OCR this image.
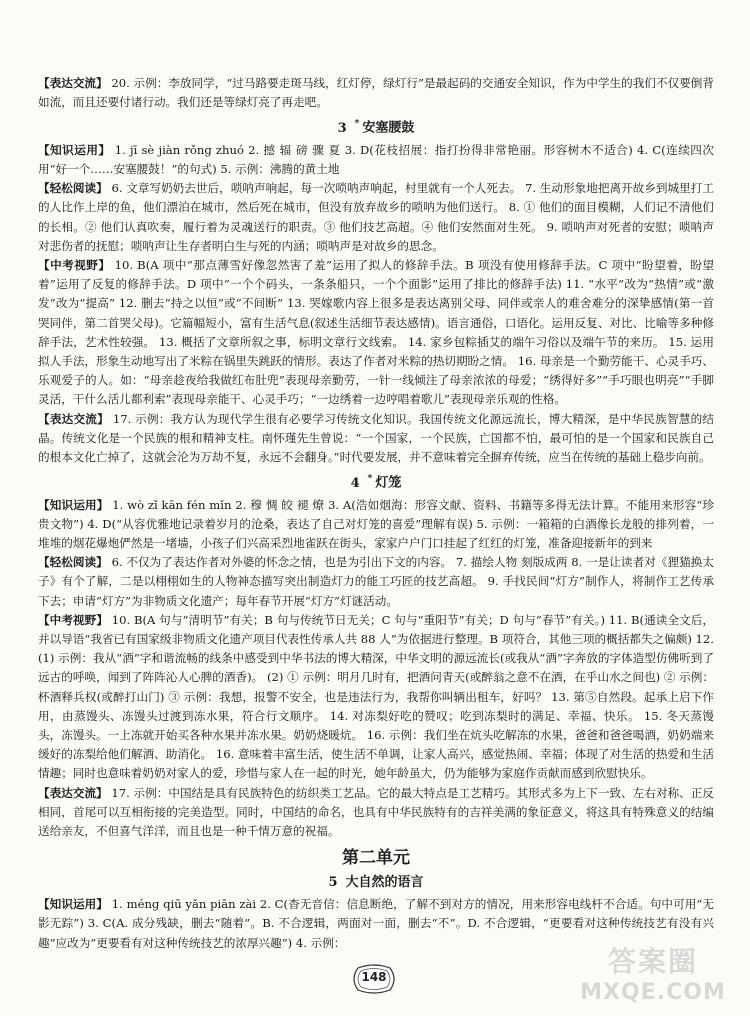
【表达交流】 20. 示例：李放同学，“过马路要走斑马线，红灯停，绿灯行”是最起码的交通安全知识，作为中学生的我们不仅要倒背如流，而且还要付诸行动。我们还是等绿灯亮了再走吧。

3 * 安塞腰鼓

【知识运用】 1. jī sè jiàn rǒng zhuó 2. 撼 辐 磅 骤 夏 3. D(花枝招展：指打扮得非常艳丽。形容树木不适合) 4. C(连续四次用“好一个……安塞腰鼓！”的句式) 5. 示例：沸腾的黄土地

【轻松阅读】 6. 文章写奶奶去世后，唢呐声响起，每一次唢呐声响起，村里就有一个人死去。 7. 生动形象地把离开故乡到城里打工的人比作上岸的鱼，他们漂泊在城市，然后死在城市，但没有放弃故乡的唢呐为他们送行。 8. ① 他们的面目模糊，人们记不清他们的长相。② 他们认真吹奏，履行着为灵魂送行的职责。③ 他们技艺高超。④ 他们安然面对生死。 9. 唢呐声对死者的安慰；唢呐声对悲伤者的抚慰；唢呐声让生存者明白生与死的内涵；唢呐声是对故乡的思念。

【中考视野】 10. B(A 项中“那点薄雪好像忽然害了羞”运用了拟人的修辞手法。B 项没有使用修辞手法。C 项中“盼望着，盼望着”运用了反复的修辞手法。D 项中“一个个码头，一条条船只，一个个面影”运用了排比的修辞手法) 11. “水平”改为“热情”或“激发”改为“提高” 12. 删去“持之以恒”或“不间断” 13. 哭嫁歌内容上很多是表达离别父母、同伴或亲人的难舍难分的深挚感情(第一首哭同伴，第二首哭父母)。它篇幅短小，富有生活气息(叙述生活细节表达感情)。语言通俗，口语化。运用反复、对比、比喻等多种修辞手法，艺术性较强。 13. 概括了文章所叙之事，标明文章行文线索。 14. 家乡包粽插艾的端午习俗以及端午节的来历。 15. 运用拟人手法，形象生动地写出了米粽在锅里失跳跃的情形。表达了作者对米粽的热切期盼之情。 16. 母亲是一个勤劳能干、心灵手巧、乐观爱子的人。如：“母亲趁夜给我做红布肚兜”表现母亲勤劳，一针一线倾注了母亲浓浓的母爱；“绣得好多”“手巧眼也明亮”“手脚灵活，干什么活儿都利索”表现母亲能干、心灵手巧；“一边绣着一边哼唱着歌儿”表现母亲乐观的性格。

【表达交流】 17. 示例：我方认为现代学生很有必要学习传统文化知识。我国传统文化源远流长，博大精深，是中华民族智慧的结晶。传统文化是一个民族的根和精神支柱。南怀瑾先生曾说：“一个国家，一个民族，亡国都不怕，最可怕的是一个国家和民族自己的根本文化亡掉了，这就会沦为万劫不复，永远不会翻身。”时代要发展，并不意味着完全摒弃传统，应当在传统的基础上稳步向前。

4 * 灯笼

【知识运用】 1. wò zǐ kān fén mǐn 2. 穆 惆 皎 褪 燎 3. A(浩如烟海：形容文献、资料、书籍等多得无法计算。不能用来形容“珍贵文物”) 4. D(“从容优雅地记录着岁月的沧桑，表达了自己对灯笼的喜爱”理解有误) 5. 示例：一箱箱的白酒像长龙般的排列着，一堆堆的烟花爆炮俨然是一堵墙，小孩子们兴高采烈地雀跃在街头，家家户户门口挂起了红红的灯笼，准备迎接新年的到来

【轻松阅读】 6. 不仅为了表达作者对外婆的怀念之情，也是为引出下文的内容。 7. 描绘人物 刻版成两 8. 一是让读者对《狸猫换太子》有个了解，二是以栩栩如生的人物神态描写突出制造灯力的能工巧匠的技艺高超。 9. 手找民间“灯方”制作人，将制作工艺传承下去；申请“灯方”为非物质文化遗产；每年春节开展“灯方”灯谜活动。

【中考视野】 10. B(A 句与“清明节”有关；B 句与传统节日无关；C 句与“重阳节”有关；D 句与“春节”有关。) 11. B(通读全文后，并以导语“我省已有国家级非物质文化遗产项目代表性传承人共 88 人”为依据进行整理。B 项符合，其他三项的概括都失之偏颇) 12. (1) 示例：我从“酒”字和谐流畅的线条中感受到中华书法的博大精深，中华文明的源远流长(或我从“酒”字奔放的字体造型仿佛听到了远古的呼唤，闻到了阵阵沁人心脾的酒香)。 (2) ① 示例：明月几时有，把酒问青天(或醉翁之意不在酒，在乎山水之间也) ② 示例：杯酒释兵权(或醉打山门) ③ 示例：我想，报警不安全，也是违法行为，我帮你叫辆出租车，好吗？ 13. 第⑤自然段。起承上启下作用，由蒸馒头、冻馒头过渡到冻水果，符合行文顺序。 14. 对冻梨好吃的赞叹；吃到冻梨时的满足、幸福、快乐。 15. 冬天蒸馒头，冻馒头。一上冻就开始买各种水果并冻水果。奶奶烧暖炕。 16. 示例：我们坐在炕头吃解冻的水果，爸爸和爸爸喝酒，奶奶端来缓好的冻梨给他们解酒、助消化。 16. 意味着丰富生活，使生活不单调，让家人高兴，感觉热闹、幸福；体现了对生活的热爱和生活情趣；同时也意味着奶奶对家人的爱，珍惜与家人在一起的时光，她年龄虽大，仍为能够为家庭作贡献而感到欣慰快乐。

【表达交流】 17. 示例：中国结是具有民族特色的纺织类工艺品。它的最大特点是工艺精巧。其形式多为上下一致、左右对称、正反相同，首尾可以互相衔接的完美造型。同时，中国结的命名，也具有中华民族特有的吉祥美满的象征意义，将这具有特殊意义的结编送给亲友，不但喜气洋洋，而且也是一种千情万意的祝福。

第二单元
5 大自然的语言

【知识运用】 1. méng qiū yǎn piān zài 2. C(杳无音信：信息断绝，了解不到对方的情况，用来形容电线杆不合适。句中可用“无影无踪”) 3. C(A. 成分残缺，删去“随着”。B. 不合逻辑，两面对一面，删去“不”。D. 不合逻辑，“更要看对这种传统技艺有没有兴趣”应改为“更要看有对这种传统技艺的浓厚兴趣”) 4. 示例：

148	答案圈
MXQE.COM
